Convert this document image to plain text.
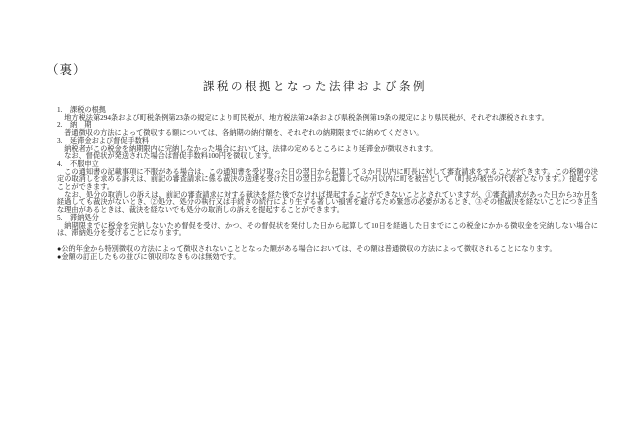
（裏）
課税の根拠となった法律および条例
1. 課税の根拠
地方税法第294条および町税条例第23条の規定により町民税が、地方税法第24条および県税条例第19条の規定により県民税が、それぞれ課税されます。
2. 納　期
普通徴収の方法によって徴収する額については、各納期の納付額を、それぞれの納期限までに納めてください。
3. 延滞金および督促手数料
納税者がこの税金を納期限内に完納しなかった場合においては、法律の定めるところにより延滞金が徴収されます。
なお、督促状が発送された場合は督促手数料100円を徴収します。
4. 不服申立
この通知書の記載事項に不服がある場合は、この通知書を受け取った日の翌日から起算して３か月以内に町長に対して審査請求をすることができます。この税額の決定の取消しを求める訴えは、前記の審査請求に係る裁決の送達を受けた日の翌日から起算して6か月以内に町を被告として（町長が被告の代表者となります。）提起することができます。
なお、処分の取消しの訴えは、前記の審査請求に対する裁決を経た後でなければ提起することができないこととされていますが、①審査請求があった日から3か月を経過しても裁決がないとき、②処分、処分の執行又は手続きの続行により生ずる著しい損害を避けるため緊急の必要があるとき、③その他裁決を経ないことにつき正当な理由があるときは、裁決を経ないでも処分の取消しの訴えを提起することができます。
5. 滞納処分
納期限までに税金を完納しないため督促を受け、かつ、その督促状を発付した日から起算して10日を経過した日までにこの税金にかかる徴収金を完納しない場合には、滞納処分を受けることになります。
●公的年金から特別徴収の方法によって徴収されないこととなった額がある場合においては、その額は普通徴収の方法によって徴収されることになります。
●金額の訂正したもの並びに領収印なきものは無効です。
